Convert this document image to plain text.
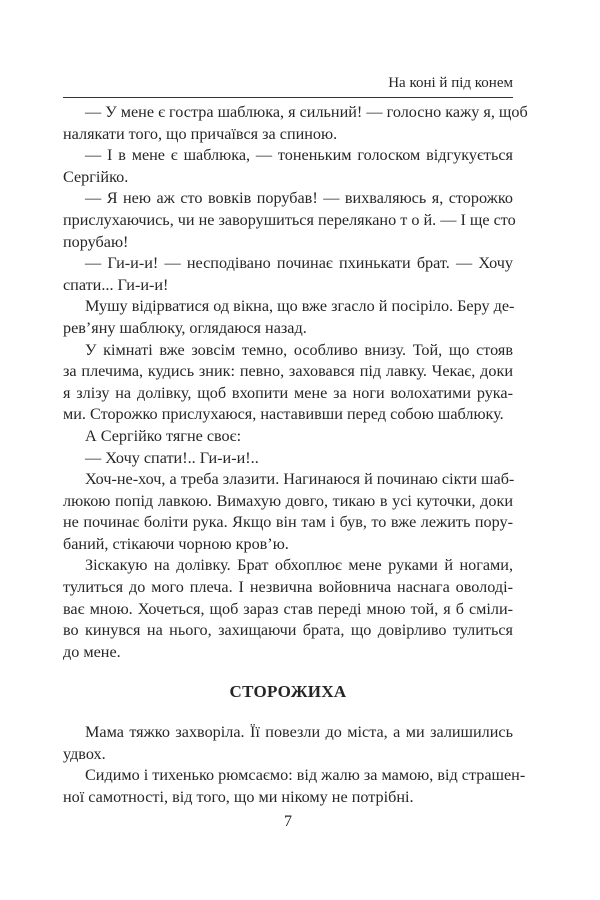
На коні й під конем
— У мене є гостра шаблюка, я сильний! — голосно кажу я, щоб
налякати того, що причаївся за спиною.
— І в мене є шаблюка, — тоненьким голоском відгукується
Сергійко.
— Я нею аж сто вовків порубав! — вихваляюсь я, сторожко
прислухаючись, чи не заворушиться перелякано т о й. — І ще сто
порубаю!
— Ги-и-и! — несподівано починає пхинькати брат. — Хочу
спати... Ги-и-и!
Мушу відірватися од вікна, що вже згасло й посіріло. Беру де-
рев’яну шаблюку, оглядаюся назад.
У кімнаті вже зовсім темно, особливо внизу. Той, що стояв
за плечима, кудись зник: певно, заховався під лавку. Чекає, доки
я злізу на долівку, щоб вхопити мене за ноги волохатими рука-
ми. Сторожко прислухаюся, наставивши перед собою шаблюку.
А Сергійко тягне своє:
— Хочу спати!.. Ги-и-и!..
Хоч-не-хоч, а треба злазити. Нагинаюся й починаю сікти шаб-
люкою попід лавкою. Вимахую довго, тикаю в усі куточки, доки
не починає боліти рука. Якщо він там і був, то вже лежить пору-
баний, стікаючи чорною кров’ю.
Зіскакую на долівку. Брат обхоплює мене руками й ногами,
тулиться до мого плеча. І незвична войовнича наснага оволоді-
ває мною. Хочеться, щоб зараз став переді мною той, я б сміли-
во кинувся на нього, захищаючи брата, що довірливо тулиться
до мене.
СТОРОЖИХА
Мама тяжко захворіла. Її повезли до міста, а ми залишились
удвох.
Сидимо і тихенько рюмсаємо: від жалю за мамою, від страшен-
ної самотності, від того, що ми нікому не потрібні.
7
